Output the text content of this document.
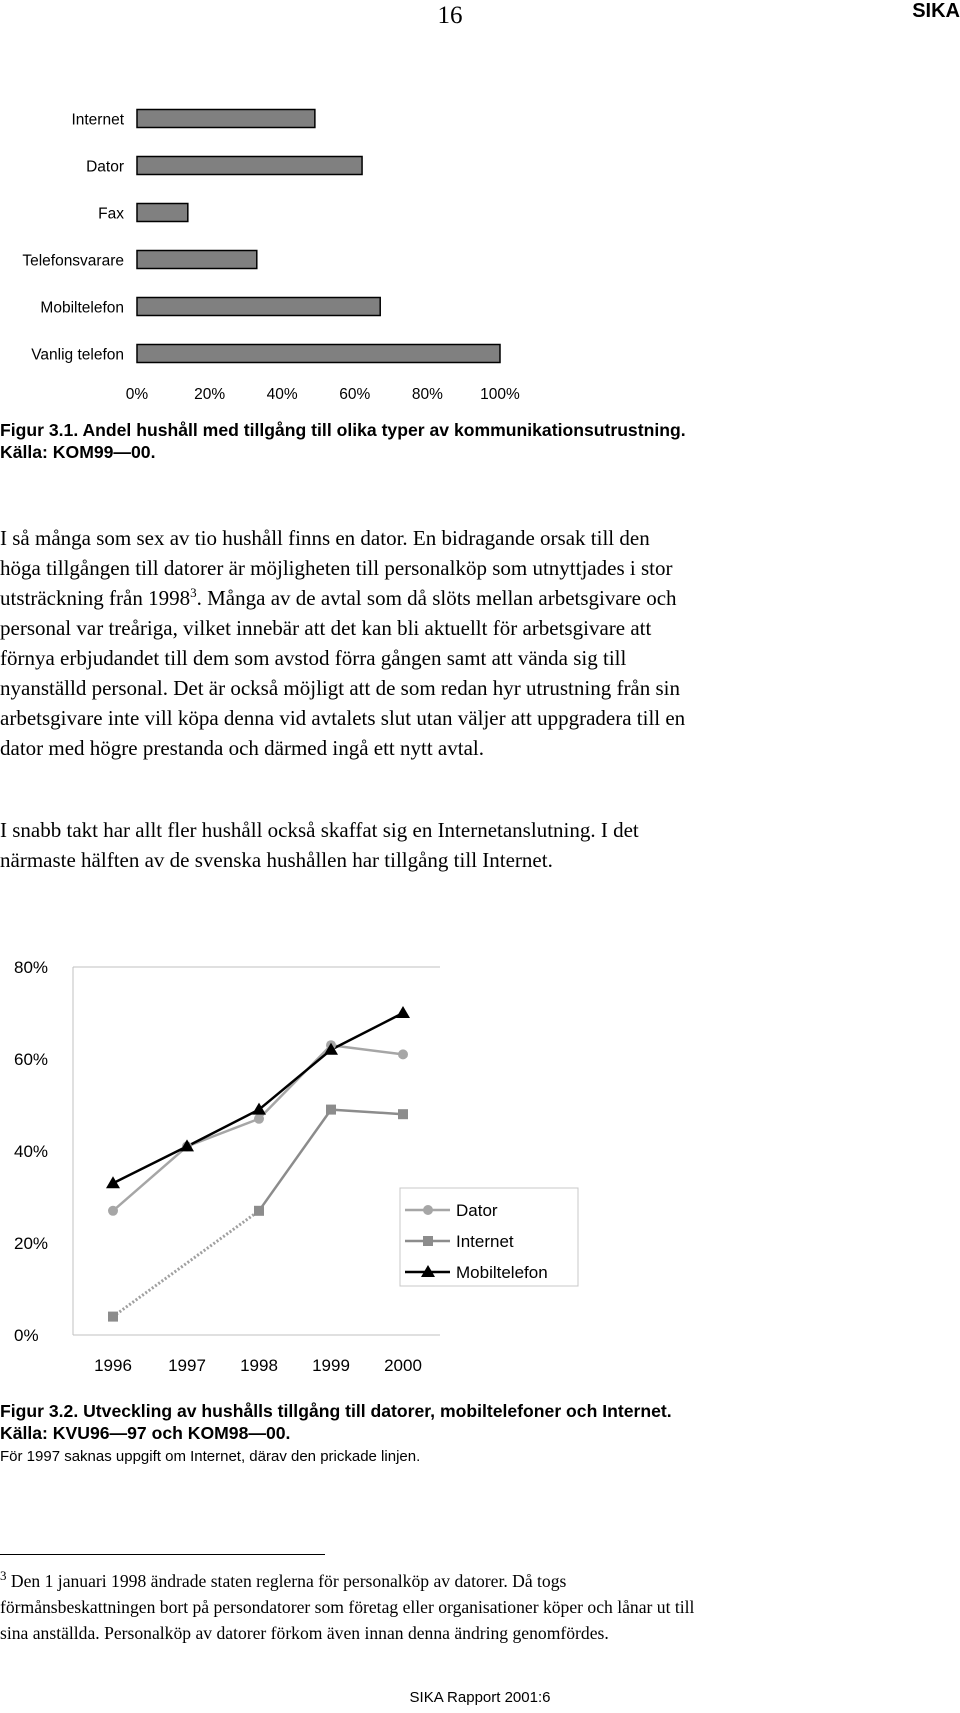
16	SIKA
Internet
Dator
Fax
Telefonsvarare
Mobiltelefon
Vanlig telefon
0%	20%	40%	60%	80% 100%
Figur 3.1. Andel hushåll med tillgång till olika typer av kommunikationsutrustning.
Källa: KOM99—00.
I så många som sex av tio hushåll finns en dator. En bidragande orsak till den
höga tillgången till datorer är möjligheten till personalköp som utnyttjades i stor
utsträckning från 1998$^3$. Många av de avtal som då slöts mellan arbetsgivare och
personal var treåriga, vilket innebär att det kan bli aktuellt för arbetsgivare att
förnya erbjudandet till dem som avstod förra gången samt att vända sig till
nyanställd personal. Det är också möjligt att de som redan hyr utrustning från sin
arbetsgivare inte vill köpa denna vid avtalets slut utan väljer att uppgradera till en
dator med högre prestanda och därmed ingå ett nytt avtal.
I snabb takt har allt fler hushåll också skaffat sig en Internetanslutning. I det
närmaste hälften av de svenska hushållen har tillgång till Internet.
0%
20%
40%
60%
80%
1996 1997 1998 1999 2000
Dator
Internet
Mobiltelefon
Figur 3.2. Utveckling av hushålls tillgång till datorer, mobiltelefoner och Internet.
Källa: KVU96—97 och KOM98—00.
För 1997 saknas uppgift om Internet, därav den prickade linjen.
$^3$ Den 1 januari 1998 ändrade staten reglerna för personalköp av datorer. Då togs
förmånsbeskattningen bort på persondatorer som företag eller organisationer köper och lånar ut till
sina anställda. Personalköp av datorer förkom även innan denna ändring genomfördes.
SIKA Rapport 2001:6
